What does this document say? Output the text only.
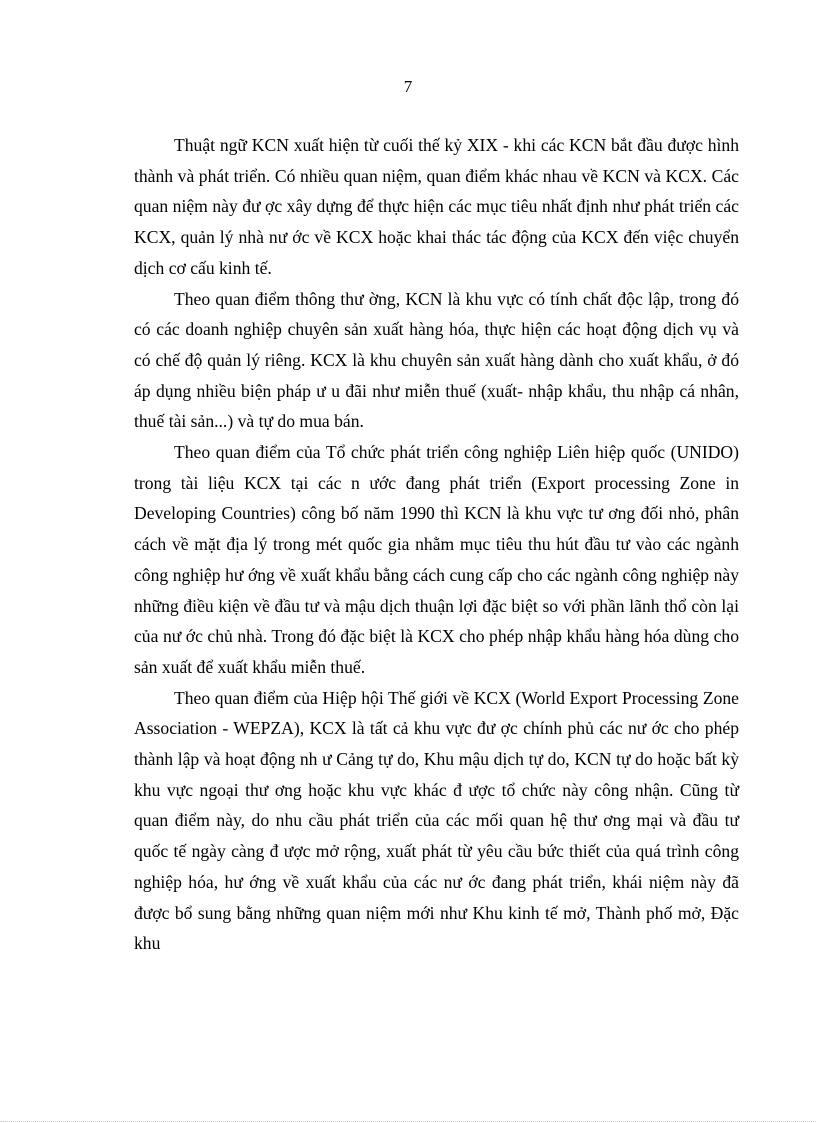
7

Thuật ngữ KCN xuất hiện từ cuối thế kỷ XIX - khi các KCN bắt đầu được hình thành và phát triển. Có nhiều quan niệm, quan điểm khác nhau về KCN và KCX. Các quan niệm này đư ợc xây dựng để thực hiện các mục tiêu nhất định như phát triển các KCX, quản lý nhà nư ớc về KCX hoặc khai thác tác động của KCX đến việc chuyển dịch cơ cấu kinh tế.

Theo quan điểm thông thư ờng, KCN là khu vực có tính chất độc lập, trong đó có các doanh nghiệp chuyên sản xuất hàng hóa, thực hiện các hoạt động dịch vụ và có chế độ quản lý riêng. KCX là khu chuyên sản xuất hàng dành cho xuất khẩu, ở đó áp dụng nhiều biện pháp ư u đãi như miễn thuế (xuất- nhập khẩu, thu nhập cá nhân, thuế tài sản...) và tự do mua bán.

Theo quan điểm của Tổ chức phát triển công nghiệp Liên hiệp quốc (UNIDO) trong tài liệu KCX tại các n ước đang phát triển (Export processing Zone in Developing Countries) công bố năm 1990 thì KCN là khu vực tư ơng đối nhỏ, phân cách về mặt địa lý trong mét quốc gia nhằm mục tiêu thu hút đầu tư vào các ngành công nghiệp hư ớng về xuất khẩu bằng cách cung cấp cho các ngành công nghiệp này những điều kiện về đầu tư và mậu dịch thuận lợi đặc biệt so với phần lãnh thổ còn lại của nư ớc chủ nhà. Trong đó đặc biệt là KCX cho phép nhập khẩu hàng hóa dùng cho sản xuất để xuất khẩu miễn thuế.

Theo quan điểm của Hiệp hội Thế giới về KCX (World Export Processing Zone Association - WEPZA), KCX là tất cả khu vực đư ợc chính phủ các nư ớc cho phép thành lập và hoạt động nh ư Cảng tự do, Khu mậu dịch tự do, KCN tự do hoặc bất kỳ khu vực ngoại thư ơng hoặc khu vực khác đ ược tổ chức này công nhận. Cũng từ quan điểm này, do nhu cầu phát triển của các mối quan hệ thư ơng mại và đầu tư quốc tế ngày càng đ ược mở rộng, xuất phát từ yêu cầu bức thiết của quá trình công nghiệp hóa, hư ớng về xuất khẩu của các nư ớc đang phát triển, khái niệm này đã được bổ sung bằng những quan niệm mới như Khu kinh tế mở, Thành phố mở, Đặc khu
